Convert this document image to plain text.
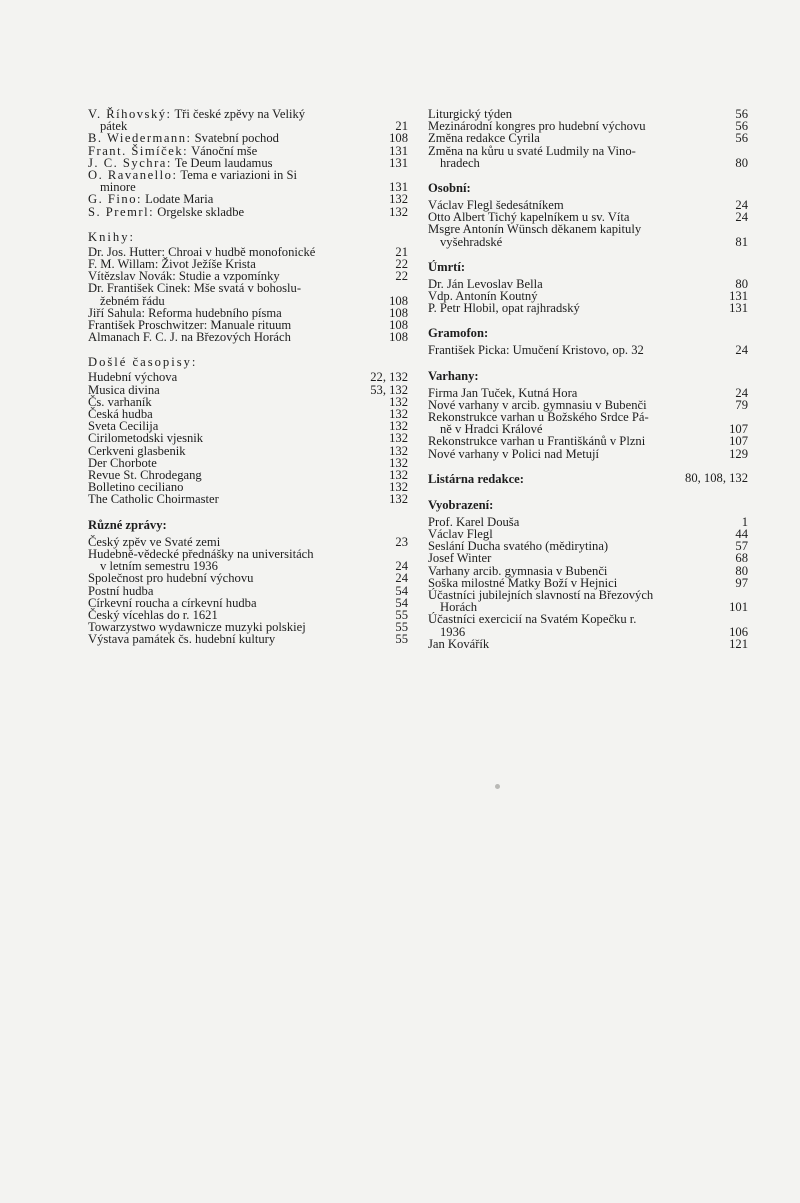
V. Říhovský: Tři české zpěvy na Veliký
pátek	21
B. Wiedermann: Svatební pochod	108
Frant. Šimíček: Vánoční mše	131
J. C. Sychra: Te Deum laudamus	131
O. Ravanello: Tema e variazioni in Si
minore	131
G. Fino: Lodate Maria	132
S. Premrl: Orgelske skladbe	132
Knihy:
Dr. Jos. Hutter: Chroai v hudbě monofonické	21
F. M. Willam: Život Ježíše Krista	22
Vítězslav Novák: Studie a vzpomínky	22
Dr. František Cinek: Mše svatá v bohoslu-
žebném řádu	108
Jiří Sahula: Reforma hudebního písma	108
František Proschwitzer: Manuale rituum	108
Almanach F. C. J. na Březových Horách	108
Došlé časopisy:
Hudební výchova	22, 132
Musica divina	53, 132
Čs. varhaník	132
Česká hudba	132
Sveta Cecilija	132
Cirilometodski vjesnik	132
Cerkveni glasbenik	132
Der Chorbote	132
Revue St. Chrodegang	132
Bolletino ceciliano	132
The Catholic Choirmaster	132
Různé zprávy:
Český zpěv ve Svaté zemi	23
Hudebně-vědecké přednášky na universitách
v letním semestru 1936	24
Společnost pro hudební výchovu	24
Postní hudba	54
Církevní roucha a církevní hudba	54
Český vícehlas do r. 1621	55
Towarzystwo wydawnicze muzyki polskiej	55
Výstava památek čs. hudební kultury	55
Liturgický týden	56
Mezinárodní kongres pro hudební výchovu	56
Změna redakce Cyrila	56
Změna na kůru u svaté Ludmily na Vino-
hradech	80
Osobní:
Václav Flegl šedesátníkem	24
Otto Albert Tichý kapelníkem u sv. Víta	24
Msgre Antonín Wünsch děkanem kapituly
vyšehradské	81
Úmrtí:
Dr. Ján Levoslav Bella	80
Vdp. Antonín Koutný	131
P. Petr Hlobil, opat rajhradský	131
Gramofon:
František Picka: Umučení Kristovo, op. 32	24
Varhany:
Firma Jan Tuček, Kutná Hora	24
Nové varhany v arcib. gymnasiu v Bubenči	79
Rekonstrukce varhan u Božského Srdce Pá-
ně v Hradci Králové	107
Rekonstrukce varhan u Františkánů v Plzni	107
Nové varhany v Polici nad Metují	129
Listárna redakce:	80, 108, 132
Vyobrazení:
Prof. Karel Douša	1
Václav Flegl	44
Seslání Ducha svatého (mědirytina)	57
Josef Winter	68
Varhany arcib. gymnasia v Bubenči	80
Soška milostné Matky Boží v Hejnici	97
Účastníci jubilejních slavností na Březových
Horách	101
Účastníci exercicií na Svatém Kopečku r.
1936	106
Jan Kovářík	121
